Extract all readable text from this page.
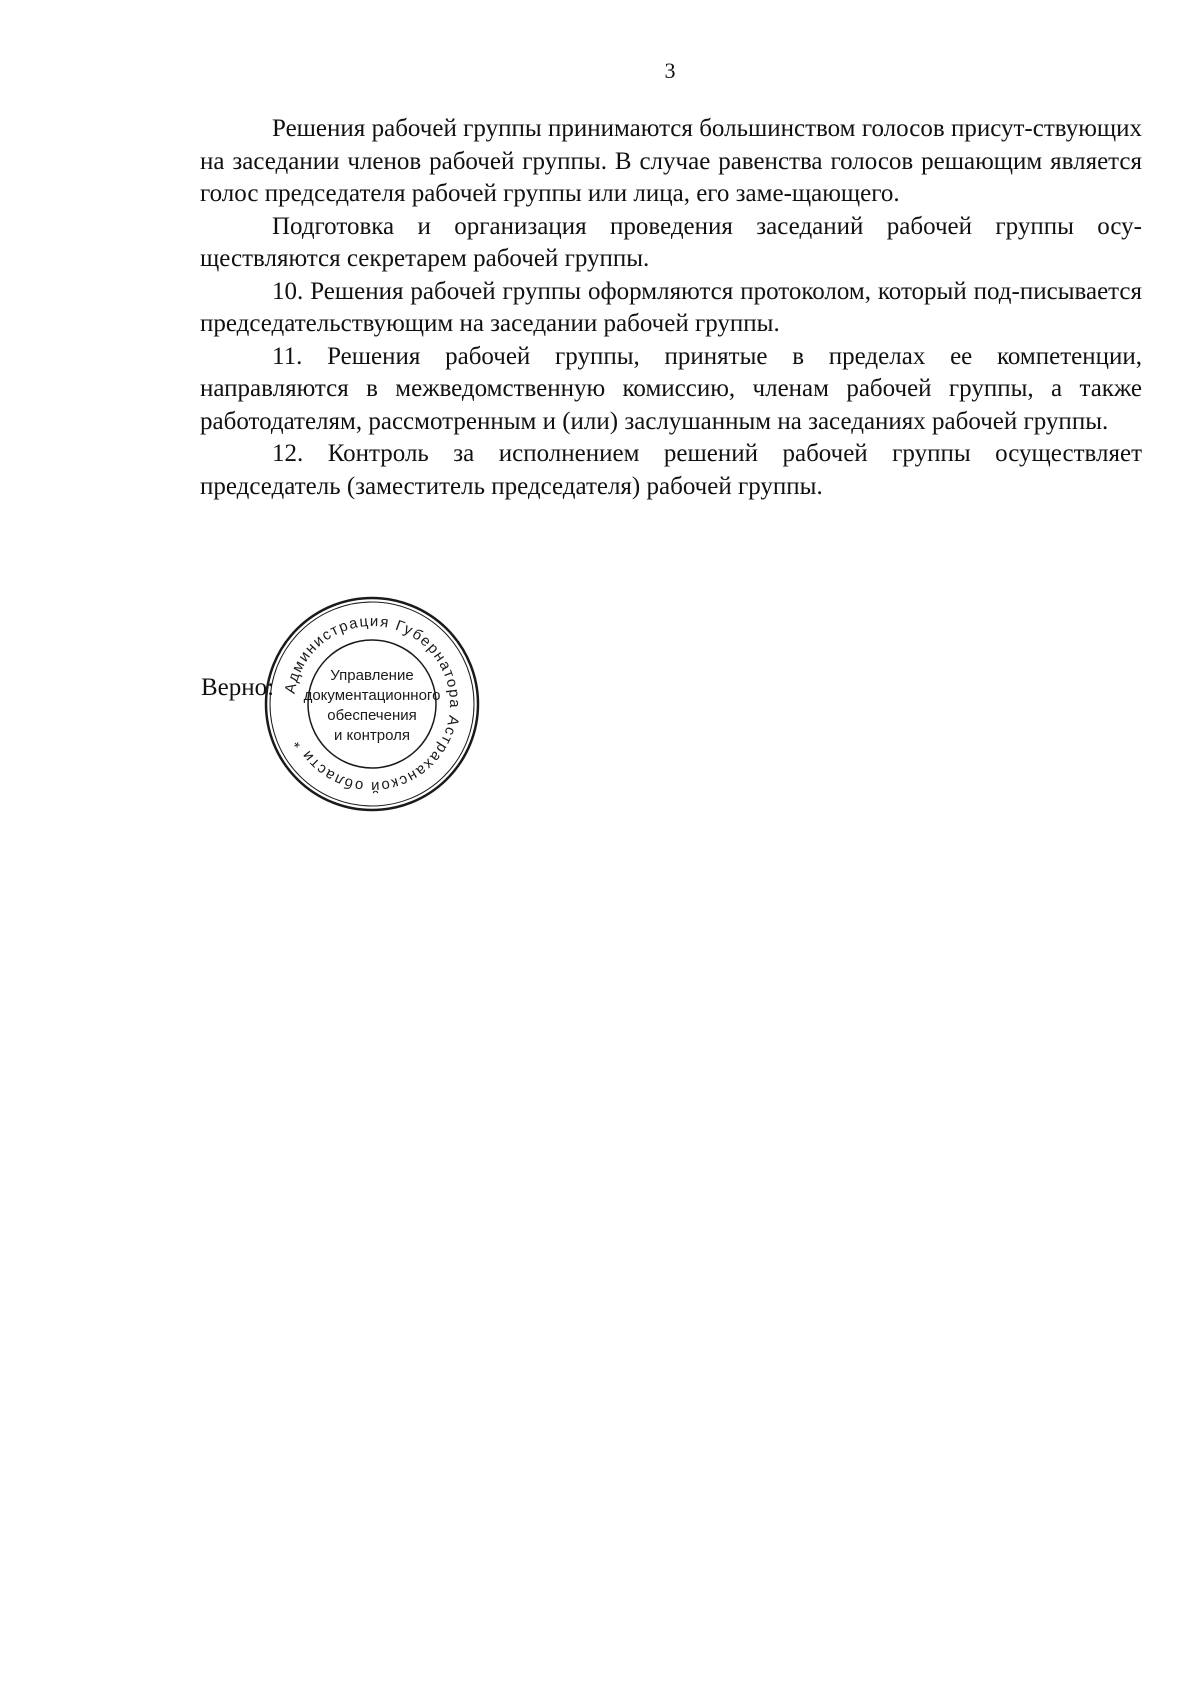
3

Решения рабочей группы принимаются большинством голосов присут-ствующих на заседании членов рабочей группы. В случае равенства голосов решающим является голос председателя рабочей группы или лица, его заме-щающего.

Подготовка и организация проведения заседаний рабочей группы осу-ществляются секретарем рабочей группы.

10. Решения рабочей группы оформляются протоколом, который под-писывается председательствующим на заседании рабочей группы.

11. Решения рабочей группы, принятые в пределах ее компетенции, направляются в межведомственную комиссию, членам рабочей группы, а также работодателям, рассмотренным и (или) заслушанным на заседаниях рабочей группы.

12. Контроль за исполнением решений рабочей группы осуществляет председатель (заместитель председателя) рабочей группы.

Верно: Администрация Губернатора Астраханской области *
Управление
документационного
обеспечения
и контроля
